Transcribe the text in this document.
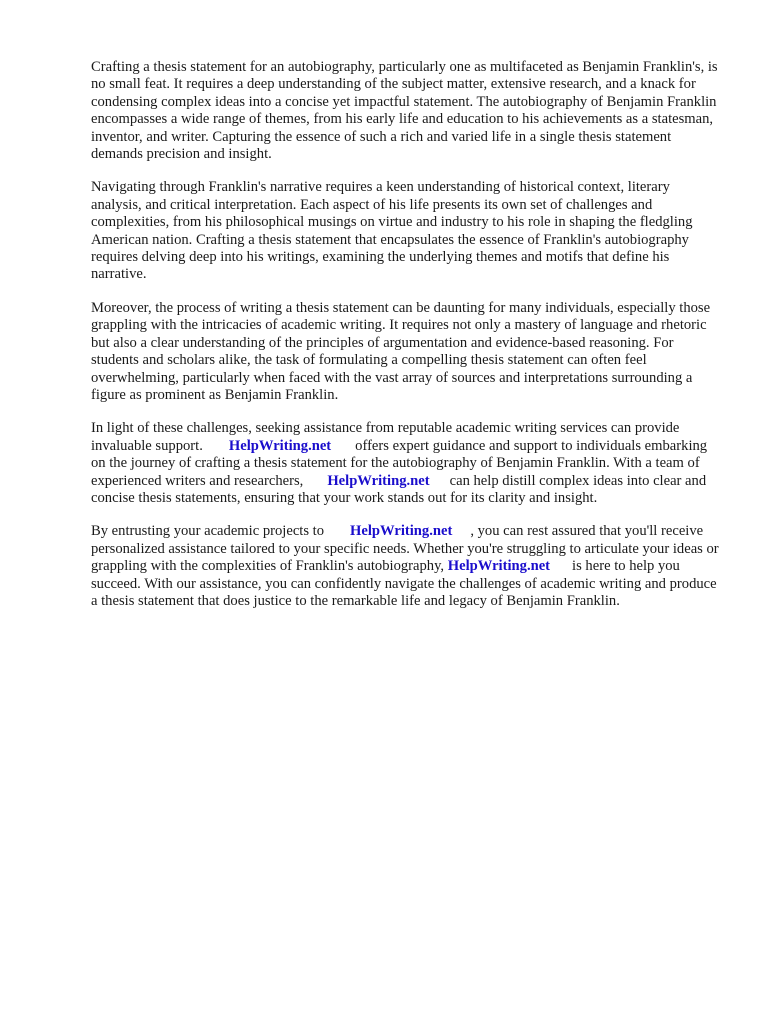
Crafting a thesis statement for an autobiography, particularly one as multifaceted as Benjamin Franklin's, is no small feat. It requires a deep understanding of the subject matter, extensive research, and a knack for condensing complex ideas into a concise yet impactful statement. The autobiography of Benjamin Franklin encompasses a wide range of themes, from his early life and education to his achievements as a statesman, inventor, and writer. Capturing the essence of such a rich and varied life in a single thesis statement demands precision and insight.

Navigating through Franklin's narrative requires a keen understanding of historical context, literary analysis, and critical interpretation. Each aspect of his life presents its own set of challenges and complexities, from his philosophical musings on virtue and industry to his role in shaping the fledgling American nation. Crafting a thesis statement that encapsulates the essence of Franklin's autobiography requires delving deep into his writings, examining the underlying themes and motifs that define his narrative.

Moreover, the process of writing a thesis statement can be daunting for many individuals, especially those grappling with the intricacies of academic writing. It requires not only a mastery of language and rhetoric but also a clear understanding of the principles of argumentation and evidence-based reasoning. For students and scholars alike, the task of formulating a compelling thesis statement can often feel overwhelming, particularly when faced with the vast array of sources and interpretations surrounding a figure as prominent as Benjamin Franklin.

In light of these challenges, seeking assistance from reputable academic writing services can provide invaluable support. HelpWriting.net offers expert guidance and support to individuals embarking on the journey of crafting a thesis statement for the autobiography of Benjamin Franklin. With a team of experienced writers and researchers, HelpWriting.net can help distill complex ideas into clear and concise thesis statements, ensuring that your work stands out for its clarity and insight.

By entrusting your academic projects to HelpWriting.net , you can rest assured that you'll receive personalized assistance tailored to your specific needs. Whether you're struggling to articulate your ideas or grappling with the complexities of Franklin's autobiography, HelpWriting.net is here to help you succeed. With our assistance, you can confidently navigate the challenges of academic writing and produce a thesis statement that does justice to the remarkable life and legacy of Benjamin Franklin.
